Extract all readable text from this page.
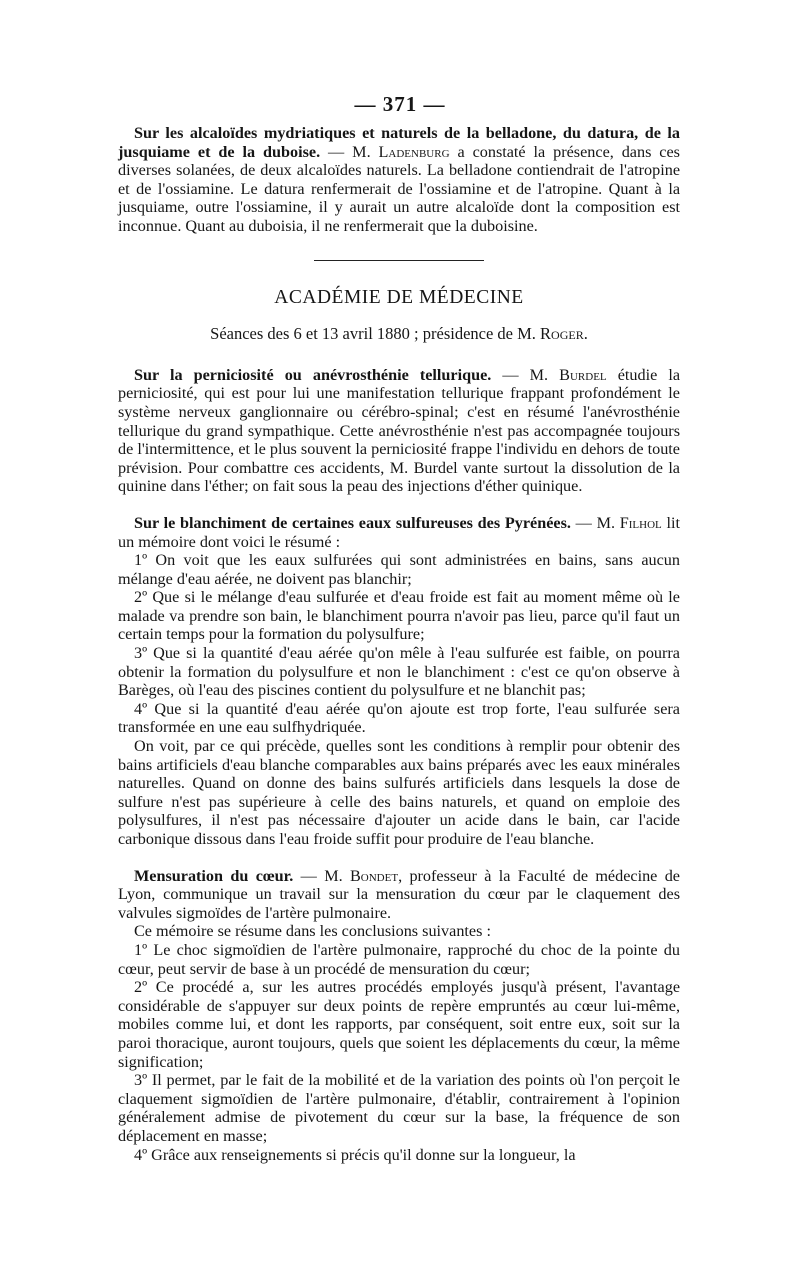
— 371 —

Sur les alcaloïdes mydriatiques et naturels de la belladone, du datura, de la jusquiame et de la duboise. — M. Ladenburg a constaté la présence, dans ces diverses solanées, de deux alcaloïdes naturels. La belladone contiendrait de l'atropine et de l'ossiamine. Le datura renfermerait de l'ossiamine et de l'atropine. Quant à la jusquiame, outre l'ossiamine, il y aurait un autre alcaloïde dont la composition est inconnue. Quant au duboisia, il ne renfermerait que la duboisine.

ACADÉMIE DE MÉDECINE

Séances des 6 et 13 avril 1880 ; présidence de M. Roger.

Sur la perniciosité ou anévrosthénie tellurique. — M. Burdel étudie la perniciosité, qui est pour lui une manifestation tellurique frappant profondément le système nerveux ganglionnaire ou cérébro-spinal; c'est en résumé l'anévrosthénie tellurique du grand sympathique. Cette anévrosthénie n'est pas accompagnée toujours de l'intermittence, et le plus souvent la perniciosité frappe l'individu en dehors de toute prévision. Pour combattre ces accidents, M. Burdel vante surtout la dissolution de la quinine dans l'éther; on fait sous la peau des injections d'éther quinique.

Sur le blanchiment de certaines eaux sulfureuses des Pyrénées. — M. Filhol lit un mémoire dont voici le résumé :

1º On voit que les eaux sulfurées qui sont administrées en bains, sans aucun mélange d'eau aérée, ne doivent pas blanchir;

2º Que si le mélange d'eau sulfurée et d'eau froide est fait au moment même où le malade va prendre son bain, le blanchiment pourra n'avoir pas lieu, parce qu'il faut un certain temps pour la formation du polysulfure;

3º Que si la quantité d'eau aérée qu'on mêle à l'eau sulfurée est faible, on pourra obtenir la formation du polysulfure et non le blanchiment : c'est ce qu'on observe à Barèges, où l'eau des piscines contient du polysulfure et ne blanchit pas;

4º Que si la quantité d'eau aérée qu'on ajoute est trop forte, l'eau sulfurée sera transformée en une eau sulfhydriquée.

On voit, par ce qui précède, quelles sont les conditions à remplir pour obtenir des bains artificiels d'eau blanche comparables aux bains préparés avec les eaux minérales naturelles. Quand on donne des bains sulfurés artificiels dans lesquels la dose de sulfure n'est pas supérieure à celle des bains naturels, et quand on emploie des polysulfures, il n'est pas nécessaire d'ajouter un acide dans le bain, car l'acide carbonique dissous dans l'eau froide suffit pour produire de l'eau blanche.

Mensuration du cœur. — M. Bondet, professeur à la Faculté de médecine de Lyon, communique un travail sur la mensuration du cœur par le claquement des valvules sigmoïdes de l'artère pulmonaire.

Ce mémoire se résume dans les conclusions suivantes :

1º Le choc sigmoïdien de l'artère pulmonaire, rapproché du choc de la pointe du cœur, peut servir de base à un procédé de mensuration du cœur;

2º Ce procédé a, sur les autres procédés employés jusqu'à présent, l'avantage considérable de s'appuyer sur deux points de repère empruntés au cœur lui-même, mobiles comme lui, et dont les rapports, par conséquent, soit entre eux, soit sur la paroi thoracique, auront toujours, quels que soient les déplacements du cœur, la même signification;

3º Il permet, par le fait de la mobilité et de la variation des points où l'on perçoit le claquement sigmoïdien de l'artère pulmonaire, d'établir, contrairement à l'opinion généralement admise de pivotement du cœur sur la base, la fréquence de son déplacement en masse;

4º Grâce aux renseignements si précis qu'il donne sur la longueur, la
